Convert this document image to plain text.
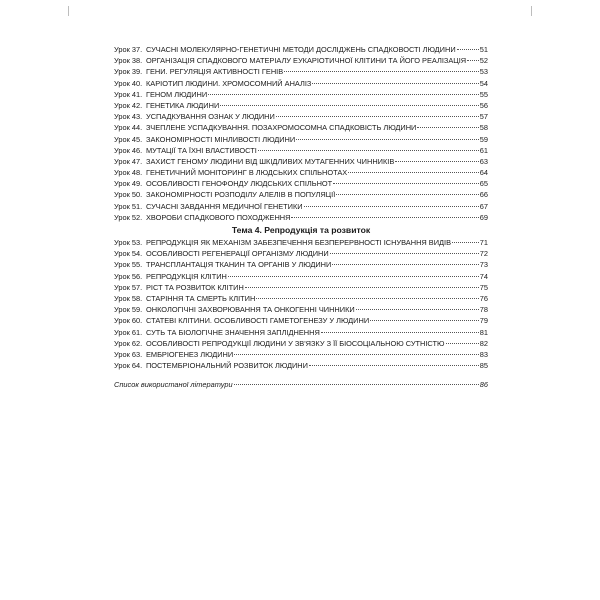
Урок 37. СУЧАСНІ МОЛЕКУЛЯРНО-ГЕНЕТИЧНІ МЕТОДИ ДОСЛІДЖЕНЬ СПАДКОВОСТІ ЛЮДИНИ	51
Урок 38. ОРГАНІЗАЦІЯ СПАДКОВОГО МАТЕРІАЛУ ЕУКАРІОТИЧНОЇ КЛІТИНИ ТА ЙОГО РЕАЛІЗАЦІЯ 52
Урок 39. ГЕНИ. РЕГУЛЯЦІЯ АКТИВНОСТІ ГЕНІВ	53
Урок 40. КАРІОТИП ЛЮДИНИ. ХРОМОСОМНИЙ АНАЛІЗ	54
Урок 41. ГЕНОМ ЛЮДИНИ	55
Урок 42. ГЕНЕТИКА ЛЮДИНИ	56
Урок 43. УСПАДКУВАННЯ ОЗНАК У ЛЮДИНИ	57
Урок 44. ЗЧЕПЛЕНЕ УСПАДКУВАННЯ. ПОЗАХРОМОСОМНА СПАДКОВІСТЬ ЛЮДИНИ	58
Урок 45. ЗАКОНОМІРНОСТІ МІНЛИВОСТІ ЛЮДИНИ	59
Урок 46. МУТАЦІЇ ТА ЇХНІ ВЛАСТИВОСТІ	61
Урок 47. ЗАХИСТ ГЕНОМУ ЛЮДИНИ ВІД ШКІДЛИВИХ МУТАГЕННИХ ЧИННИКІВ	63
Урок 48. ГЕНЕТИЧНИЙ МОНІТОРИНГ В ЛЮДСЬКИХ СПІЛЬНОТАХ	64
Урок 49. ОСОБЛИВОСТІ ГЕНОФОНДУ ЛЮДСЬКИХ СПІЛЬНОТ	65
Урок 50. ЗАКОНОМІРНОСТІ РОЗПОДІЛУ АЛЕЛІВ В ПОПУЛЯЦІЇ	66
Урок 51. СУЧАСНІ ЗАВДАННЯ МЕДИЧНОЇ ГЕНЕТИКИ	67
Урок 52. ХВОРОБИ СПАДКОВОГО ПОХОДЖЕННЯ	69
Тема 4. Репродукція та розвиток
Урок 53. РЕПРОДУКЦІЯ ЯК МЕХАНІЗМ ЗАБЕЗПЕЧЕННЯ БЕЗПЕРЕРВНОСТІ ІСНУВАННЯ ВИДІВ	71
Урок 54. ОСОБЛИВОСТІ РЕГЕНЕРАЦІЇ ОРГАНІЗМУ ЛЮДИНИ	72
Урок 55. ТРАНСПЛАНТАЦІЯ ТКАНИН ТА ОРГАНІВ У ЛЮДИНИ	73
Урок 56. РЕПРОДУКЦІЯ КЛІТИН	74
Урок 57. РІСТ ТА РОЗВИТОК КЛІТИН	75
Урок 58. СТАРІННЯ ТА СМЕРТЬ КЛІТИН	76
Урок 59. ОНКОЛОГІЧНІ ЗАХВОРЮВАННЯ ТА ОНКОГЕННІ ЧИННИКИ	78
Урок 60. СТАТЕВІ КЛІТИНИ. ОСОБЛИВОСТІ ГАМЕТОГЕНЕЗУ У ЛЮДИНИ	79
Урок 61. СУТЬ ТА БІОЛОГІЧНЕ ЗНАЧЕННЯ ЗАПЛІДНЕННЯ	81
Урок 62. ОСОБЛИВОСТІ РЕПРОДУКЦІЇ ЛЮДИНИ У ЗВ'ЯЗКУ З ЇЇ БІОСОЦІАЛЬНОЮ СУТНІСТЮ	82
Урок 63. ЕМБРІОГЕНЕЗ ЛЮДИНИ	83
Урок 64. ПОСТЕМБРІОНАЛЬНИЙ РОЗВИТОК ЛЮДИНИ	85
Список використаної літератури	86
